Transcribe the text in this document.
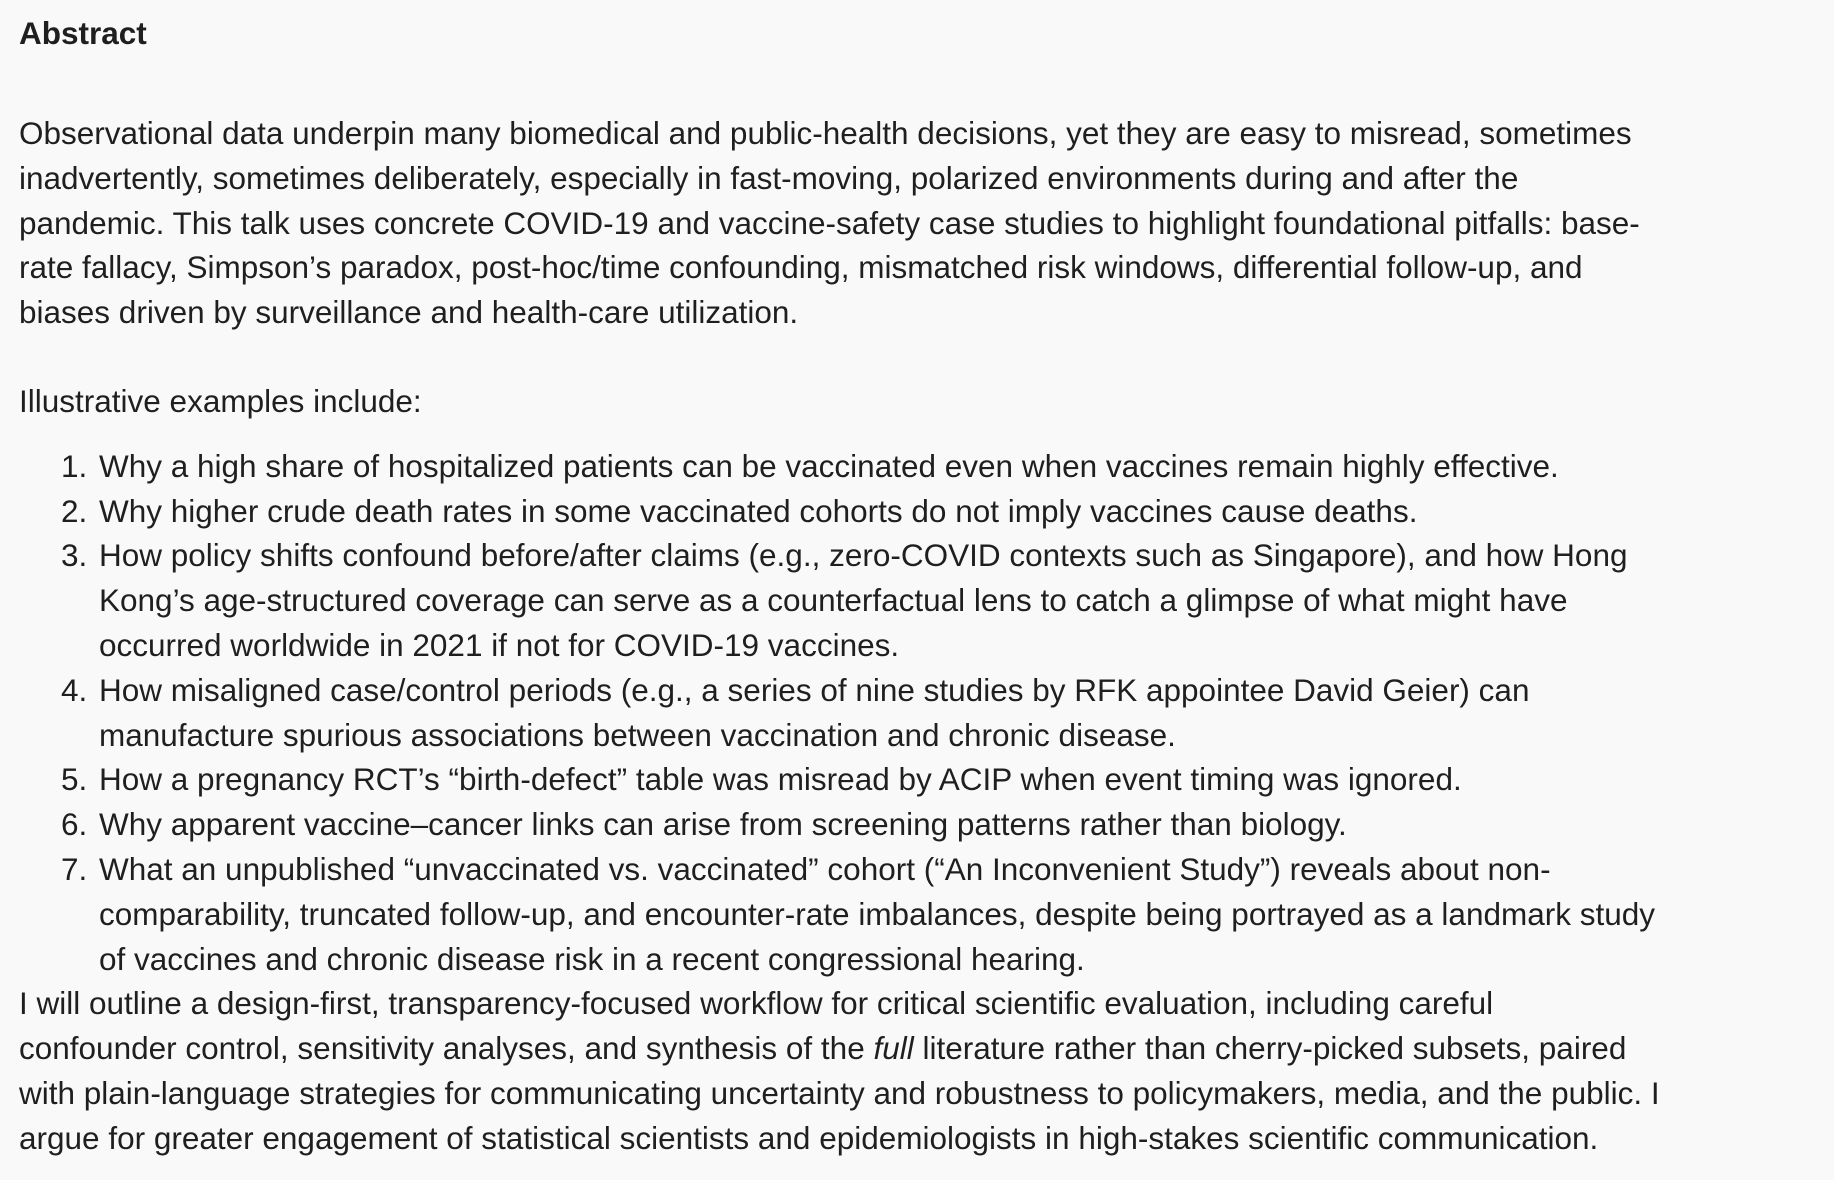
Abstract

Observational data underpin many biomedical and public-health decisions, yet they are easy to misread, sometimes
inadvertently, sometimes deliberately, especially in fast-moving, polarized environments during and after the
pandemic. This talk uses concrete COVID-19 and vaccine-safety case studies to highlight foundational pitfalls: base-
rate fallacy, Simpson’s paradox, post-hoc/time confounding, mismatched risk windows, differential follow-up, and
biases driven by surveillance and health-care utilization.

Illustrative examples include:

1. Why a high share of hospitalized patients can be vaccinated even when vaccines remain highly effective.
2. Why higher crude death rates in some vaccinated cohorts do not imply vaccines cause deaths.
3. How policy shifts confound before/after claims (e.g., zero-COVID contexts such as Singapore), and how Hong
Kong’s age-structured coverage can serve as a counterfactual lens to catch a glimpse of what might have
occurred worldwide in 2021 if not for COVID-19 vaccines.
4. How misaligned case/control periods (e.g., a series of nine studies by RFK appointee David Geier) can
manufacture spurious associations between vaccination and chronic disease.
5. How a pregnancy RCT’s “birth-defect” table was misread by ACIP when event timing was ignored.
6. Why apparent vaccine–cancer links can arise from screening patterns rather than biology.
7. What an unpublished “unvaccinated vs. vaccinated” cohort (“An Inconvenient Study”) reveals about non-
comparability, truncated follow-up, and encounter-rate imbalances, despite being portrayed as a landmark study
of vaccines and chronic disease risk in a recent congressional hearing.

I will outline a design-first, transparency-focused workflow for critical scientific evaluation, including careful
confounder control, sensitivity analyses, and synthesis of the full literature rather than cherry-picked subsets, paired
with plain-language strategies for communicating uncertainty and robustness to policymakers, media, and the public. I
argue for greater engagement of statistical scientists and epidemiologists in high-stakes scientific communication.
